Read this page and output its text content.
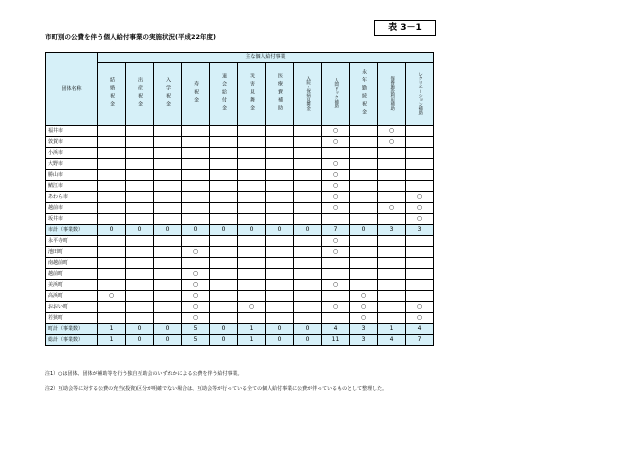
表 3－1
市町別の公費を伴う個人給付事業の実施状況(平成22年度)
団体名称	主な個人給付事業											
	結婚祝金	出産祝金	入学祝金	寿祝金	退会給付金	災害見舞金	医療費補助	入院・保病見舞金	人間ドック補助	永年勤続祝金	保養施設利用補助	レクリエーション補助
福井市									○		○	
敦賀市									○		○	
小浜市												
大野市									○			
勝山市									○			
鯖江市									○			
あわら市									○			○
越前市									○		○	○
坂井市												○
市計（事業数）	0	0	0	0	0	0	0	0	7	0	3	3
永平寺町									○			
池田町				○					○			
南越前町												
越前町				○								
美浜町				○					○			
高浜町	○			○						○		
おおい町				○		○			○	○		○
若狭町				○						○		○
町計（事業数）	1	0	0	5	0	1	0	0	4	3	1	4
総計（事業数）	1	0	0	5	0	1	0	0	11	3	4	7
注1）○は団体、団体が補助等を行う独自互助会のいずれかによる公費を伴う給付事業。
注2）互助会等に対する公費の充当(投資)区分が明確でない場合は、互助会等が行っている全ての個人給付事業に公費が伴っているものとして整理した。
